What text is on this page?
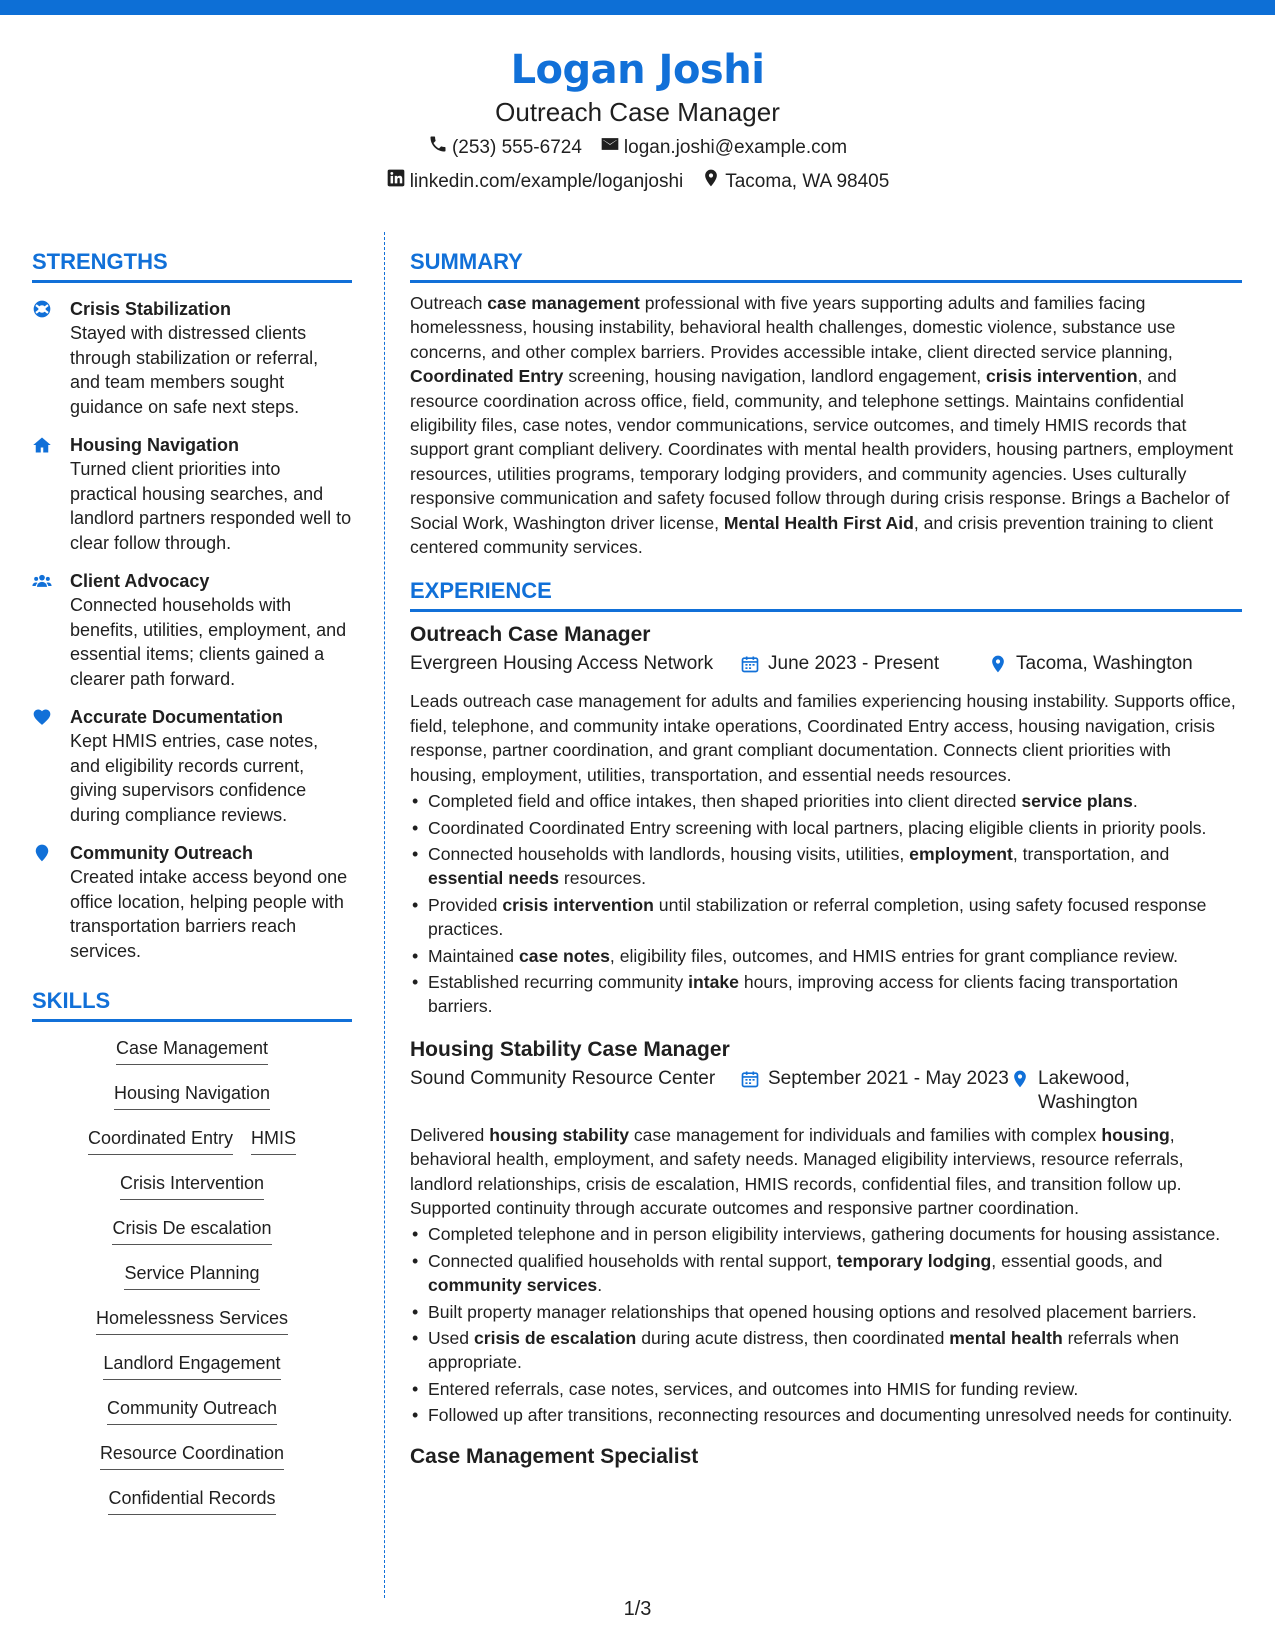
Logan Joshi
Outreach Case Manager
(253) 555-6724 logan.joshi@example.com
linkedin.com/example/loganjoshi Tacoma, WA 98405
STRENGTHS
Crisis Stabilization
Stayed with distressed clients through stabilization or referral, and team members sought guidance on safe next steps.
Housing Navigation
Turned client priorities into practical housing searches, and landlord partners responded well to clear follow through.
Client Advocacy
Connected households with benefits, utilities, employment, and essential items; clients gained a clearer path forward.
Accurate Documentation
Kept HMIS entries, case notes, and eligibility records current, giving supervisors confidence during compliance reviews.
Community Outreach
Created intake access beyond one office location, helping people with transportation barriers reach services.
SKILLS
Case Management
Housing Navigation
Coordinated Entry HMIS
Crisis Intervention
Crisis De escalation
Service Planning
Homelessness Services
Landlord Engagement
Community Outreach
Resource Coordination
Confidential Records
SUMMARY
Outreach case management professional with five years supporting adults and families facing homelessness, housing instability, behavioral health challenges, domestic violence, substance use concerns, and other complex barriers. Provides accessible intake, client directed service planning, Coordinated Entry screening, housing navigation, landlord engagement, crisis intervention, and resource coordination across office, field, community, and telephone settings. Maintains confidential eligibility files, case notes, vendor communications, service outcomes, and timely HMIS records that support grant compliant delivery. Coordinates with mental health providers, housing partners, employment resources, utilities programs, temporary lodging providers, and community agencies. Uses culturally responsive communication and safety focused follow through during crisis response. Brings a Bachelor of Social Work, Washington driver license, Mental Health First Aid, and crisis prevention training to client centered community services.
EXPERIENCE
Outreach Case Manager
Evergreen Housing Access Network	June 2023 - Present	Tacoma, Washington
Leads outreach case management for adults and families experiencing housing instability. Supports office, field, telephone, and community intake operations, Coordinated Entry access, housing navigation, crisis response, partner coordination, and grant compliant documentation. Connects client priorities with housing, employment, utilities, transportation, and essential needs resources.
• Completed field and office intakes, then shaped priorities into client directed service plans.
• Coordinated Coordinated Entry screening with local partners, placing eligible clients in priority pools.
• Connected households with landlords, housing visits, utilities, employment, transportation, and essential needs resources.
• Provided crisis intervention until stabilization or referral completion, using safety focused response practices.
• Maintained case notes, eligibility files, outcomes, and HMIS entries for grant compliance review.
• Established recurring community intake hours, improving access for clients facing transportation barriers.
Housing Stability Case Manager
Sound Community Resource Center	September 2021 - May 2023 Lakewood, Washington
Delivered housing stability case management for individuals and families with complex housing, behavioral health, employment, and safety needs. Managed eligibility interviews, resource referrals, landlord relationships, crisis de escalation, HMIS records, confidential files, and transition follow up. Supported continuity through accurate outcomes and responsive partner coordination.
• Completed telephone and in person eligibility interviews, gathering documents for housing assistance.
• Connected qualified households with rental support, temporary lodging, essential goods, and community services.
• Built property manager relationships that opened housing options and resolved placement barriers.
• Used crisis de escalation during acute distress, then coordinated mental health referrals when appropriate.
• Entered referrals, case notes, services, and outcomes into HMIS for funding review.
• Followed up after transitions, reconnecting resources and documenting unresolved needs for continuity.
Case Management Specialist
1/3
